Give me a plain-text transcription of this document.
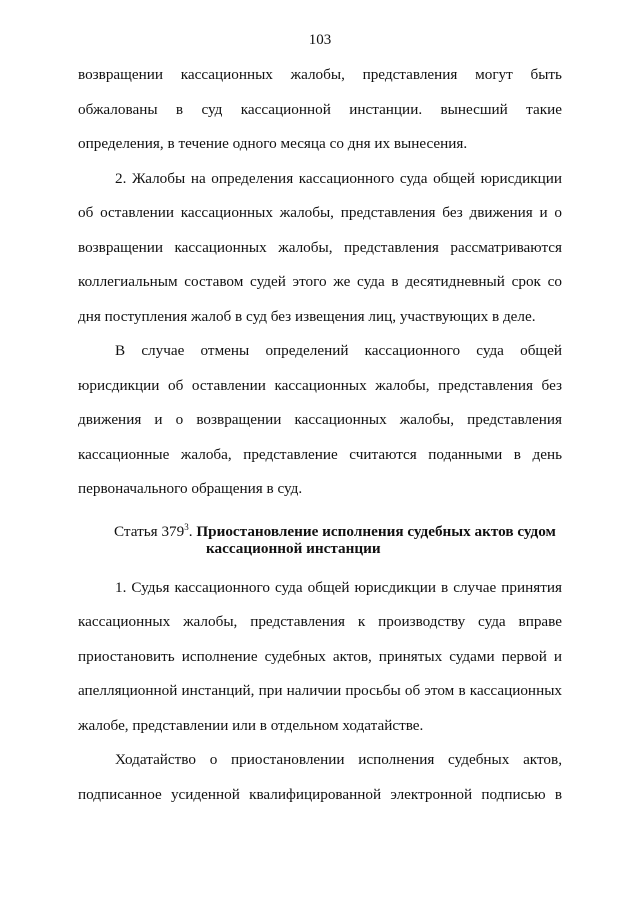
103

возвращении кассационных жалобы, представления могут быть обжалованы в суд кассационной инстанции. вынесший такие определения, в течение одного месяца со дня их вынесения.

2. Жалобы на определения кассационного суда общей юрисдикции об оставлении кассационных жалобы, представления без движения и о возвращении кассационных жалобы, представления рассматриваются коллегиальным составом судей этого же суда в десятидневный срок со дня поступления жалоб в суд без извещения лиц, участвующих в деле.

В случае отмены определений кассационного суда общей юрисдикции об оставлении кассационных жалобы, представления без движения и о возвращении кассационных жалобы, представления кассационные жалоба, представление считаются поданными в день первоначального обращения в суд.

Статья $379^3$. Приостановление исполнения судебных актов судом
кассационной инстанции

1. Судья кассационного суда общей юрисдикции в случае принятия кассационных жалобы, представления к производству суда вправе приостановить исполнение судебных актов, принятых судами первой и апелляционной инстанций, при наличии просьбы об этом в кассационных жалобе, представлении или в отдельном ходатайстве.

Ходатайство о приостановлении исполнения судебных актов, подписанное усиденной квалифицированной электронной подписью в
